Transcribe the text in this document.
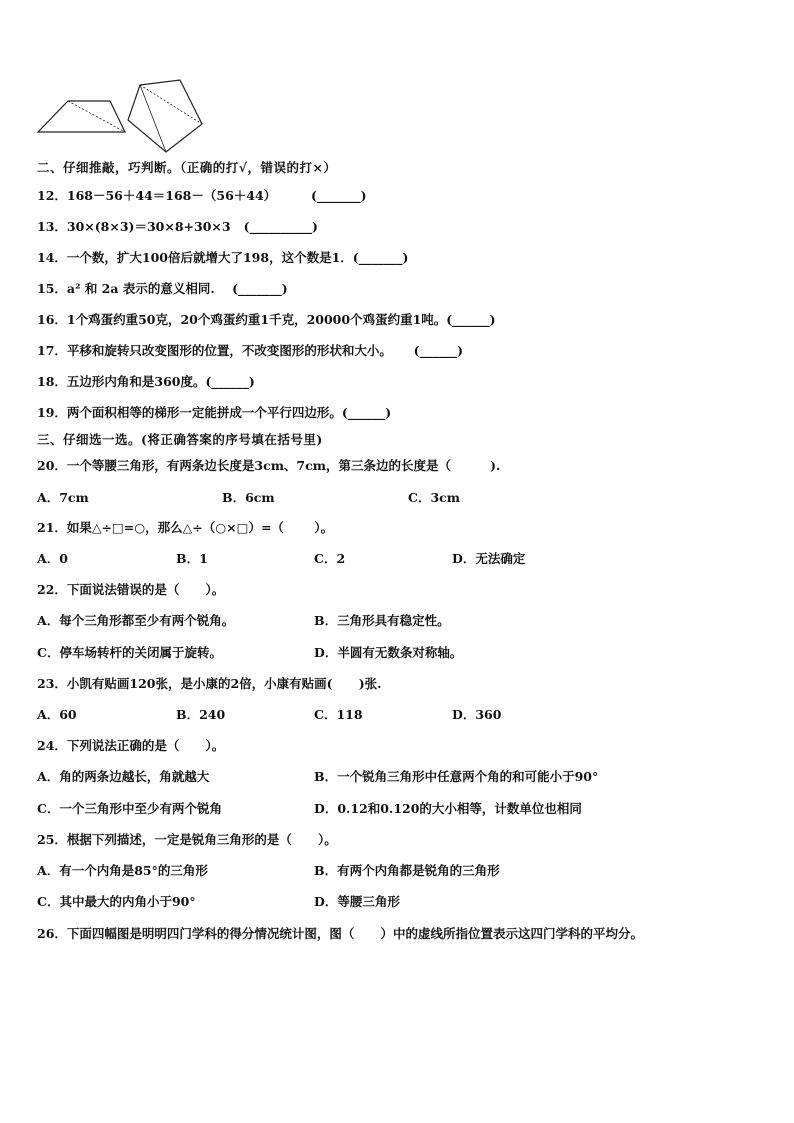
二、仔细推敲，巧判断。（正确的打√，错误的打×）
12．168－56＋44＝168－（56＋44）        (_______)
13．30×(8×3)＝30×8+30×3   (__________)
14．一个数，扩大100倍后就增大了198，这个数是1．(_______)
15．a² 和 2a 表示的意义相同.    (_______)
16．1个鸡蛋约重50克，20个鸡蛋约重1千克，20000个鸡蛋约重1吨。(______)
17．平移和旋转只改变图形的位置，不改变图形的形状和大小。     (______)
18．五边形内角和是360度。(______)
19．两个面积相等的梯形一定能拼成一个平行四边形。(______)
三、仔细选一选。(将正确答案的序号填在括号里)
20．一个等腰三角形，有两条边长度是3cm、7cm，第三条边的长度是（         ).
A．7cm	B．6cm	C．3cm
21．如果△÷□=○，那么△÷（○×□）=（       ）。
A．0	B．1	C．2	D．无法确定
22．下面说法错误的是（      ）。
A．每个三角形都至少有两个锐角。	B．三角形具有稳定性。
C．停车场转杆的关闭属于旋转。	D．半圆有无数条对称轴。
23．小凯有贴画120张，是小康的2倍，小康有贴画(      )张.
A．60	B．240	C．118	D．360
24．下列说法正确的是（      ）。
A．角的两条边越长，角就越大	B．一个锐角三角形中任意两个角的和可能小于90°
C．一个三角形中至少有两个锐角	D．0.12和0.120的大小相等，计数单位也相同
25．根据下列描述，一定是锐角三角形的是（      ）。
A．有一个内角是85°的三角形	B．有两个内角都是锐角的三角形
C．其中最大的内角小于90°	D．等腰三角形
26．下面四幅图是明明四门学科的得分情况统计图，图（      ）中的虚线所指位置表示这四门学科的平均分。
